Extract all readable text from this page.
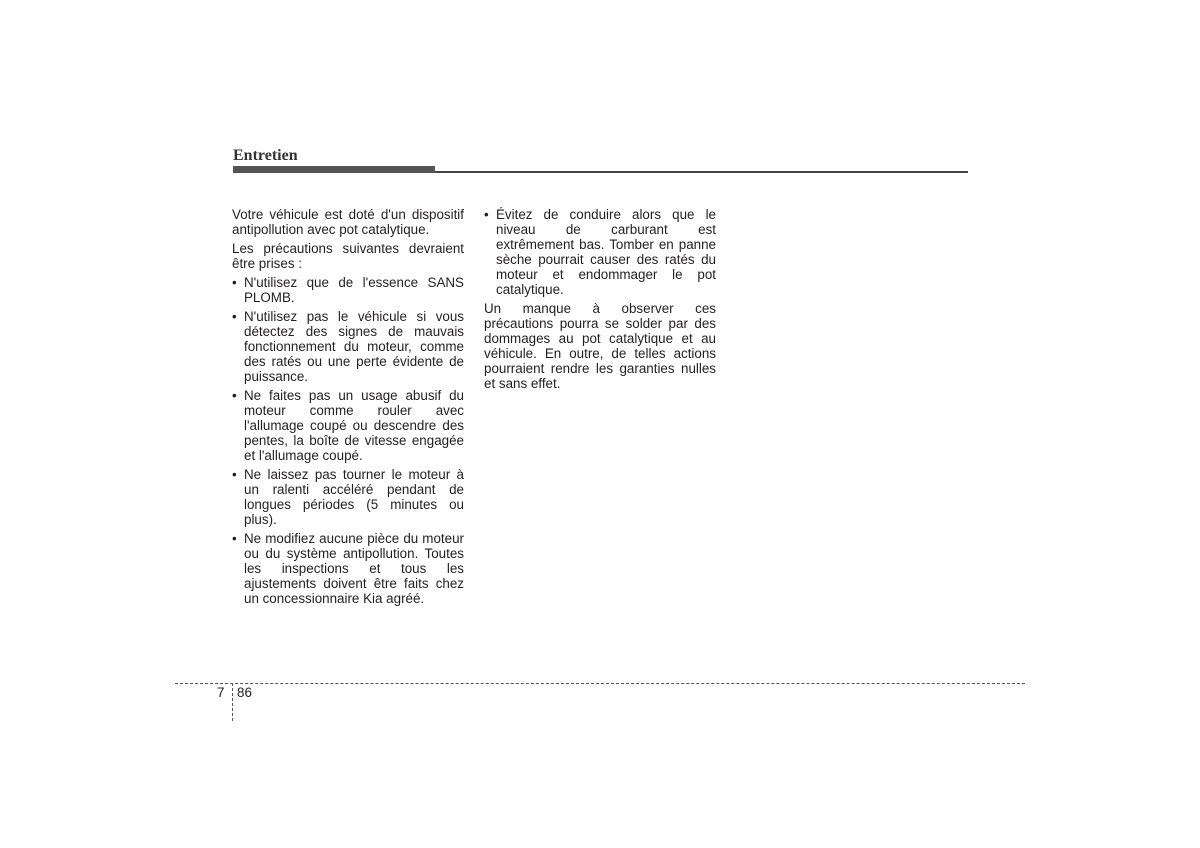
Entretien

Votre véhicule est doté d'un dispositif antipollution avec pot catalytique.

Les précautions suivantes devraient être prises :

• N'utilisez que de l'essence SANS PLOMB.
• N'utilisez pas le véhicule si vous détectez des signes de mauvais fonctionnement du moteur, comme des ratés ou une perte évidente de puissance.
• Ne faites pas un usage abusif du moteur comme rouler avec l'allumage coupé ou descendre des pentes, la boîte de vitesse engagée et l'allumage coupé.
• Ne laissez pas tourner le moteur à un ralenti accéléré pendant de longues périodes (5 minutes ou plus).
• Ne modifiez aucune pièce du moteur ou du système antipollution. Toutes les inspections et tous les ajustements doivent être faits chez un concessionnaire Kia agréé.
• Évitez de conduire alors que le niveau de carburant est extrêmement bas. Tomber en panne sèche pourrait causer des ratés du moteur et endommager le pot catalytique.

Un manque à observer ces précautions pourra se solder par des dommages au pot catalytique et au véhicule. En outre, de telles actions pourraient rendre les garanties nulles et sans effet.

7 86
